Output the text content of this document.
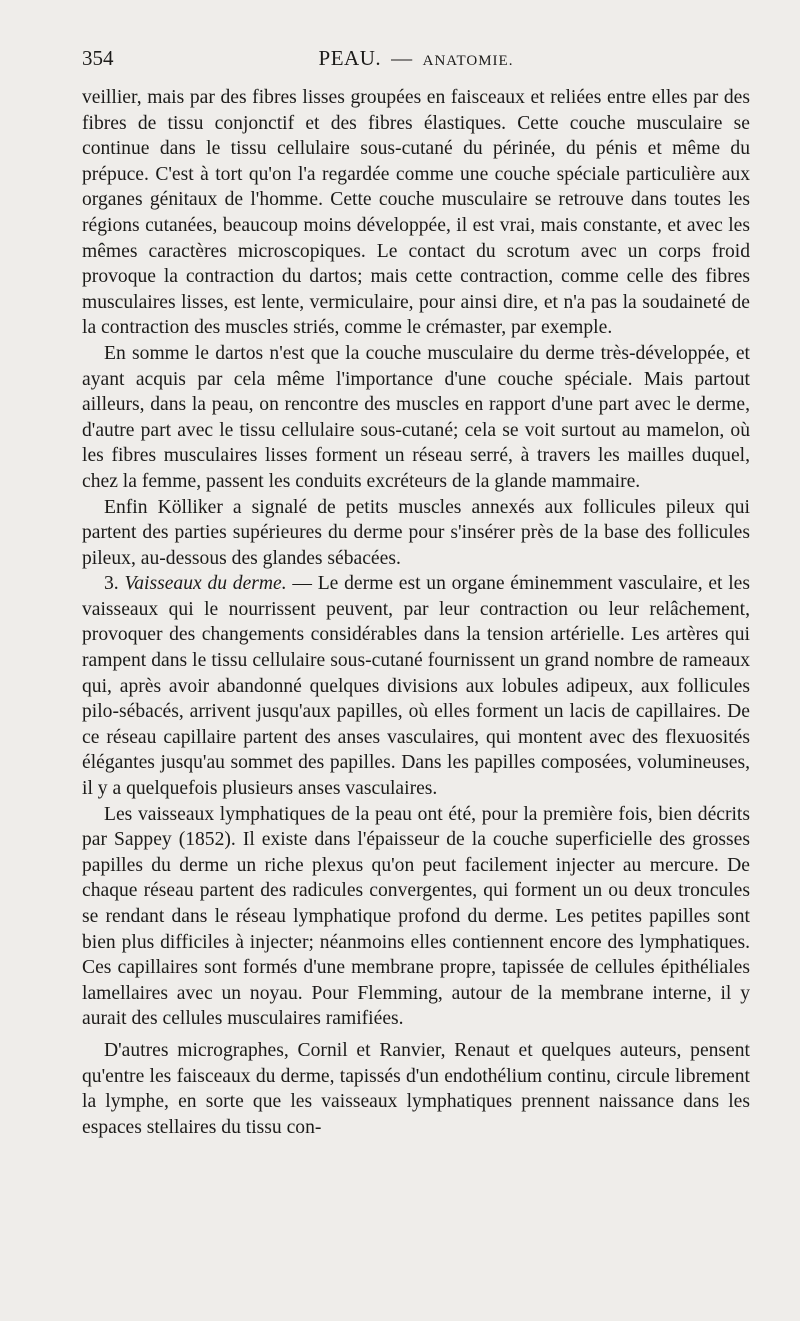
354	PEAU. — ANATOMIE.

veillier, mais par des fibres lisses groupées en faisceaux et reliées entre elles par des fibres de tissu conjonctif et des fibres élastiques. Cette couche musculaire se continue dans le tissu cellulaire sous-cutané du périnée, du pénis et même du prépuce. C'est à tort qu'on l'a regardée comme une couche spéciale particulière aux organes génitaux de l'homme. Cette couche musculaire se retrouve dans toutes les régions cutanées, beaucoup moins développée, il est vrai, mais constante, et avec les mêmes caractères microscopiques. Le contact du scrotum avec un corps froid provoque la contraction du dartos; mais cette contraction, comme celle des fibres musculaires lisses, est lente, vermiculaire, pour ainsi dire, et n'a pas la soudaineté de la contraction des muscles striés, comme le crémaster, par exemple.

En somme le dartos n'est que la couche musculaire du derme très-développée, et ayant acquis par cela même l'importance d'une couche spéciale. Mais partout ailleurs, dans la peau, on rencontre des muscles en rapport d'une part avec le derme, d'autre part avec le tissu cellulaire sous-cutané; cela se voit surtout au mamelon, où les fibres musculaires lisses forment un réseau serré, à travers les mailles duquel, chez la femme, passent les conduits excréteurs de la glande mammaire.

Enfin Kölliker a signalé de petits muscles annexés aux follicules pileux qui partent des parties supérieures du derme pour s'insérer près de la base des follicules pileux, au-dessous des glandes sébacées.

3. Vaisseaux du derme. — Le derme est un organe éminemment vasculaire, et les vaisseaux qui le nourrissent peuvent, par leur contraction ou leur relâchement, provoquer des changements considérables dans la tension artérielle. Les artères qui rampent dans le tissu cellulaire sous-cutané fournissent un grand nombre de rameaux qui, après avoir abandonné quelques divisions aux lobules adipeux, aux follicules pilo-sébacés, arrivent jusqu'aux papilles, où elles forment un lacis de capillaires. De ce réseau capillaire partent des anses vasculaires, qui montent avec des flexuosités élégantes jusqu'au sommet des papilles. Dans les papilles composées, volumineuses, il y a quelquefois plusieurs anses vasculaires.

Les vaisseaux lymphatiques de la peau ont été, pour la première fois, bien décrits par Sappey (1852). Il existe dans l'épaisseur de la couche superficielle des grosses papilles du derme un riche plexus qu'on peut facilement injecter au mercure. De chaque réseau partent des radicules convergentes, qui forment un ou deux troncules se rendant dans le réseau lymphatique profond du derme. Les petites papilles sont bien plus difficiles à injecter; néanmoins elles contiennent encore des lymphatiques. Ces capillaires sont formés d'une membrane propre, tapissée de cellules épithéliales lamellaires avec un noyau. Pour Flemming, autour de la membrane interne, il y aurait des cellules musculaires ramifiées.

D'autres micrographes, Cornil et Ranvier, Renaut et quelques auteurs, pensent qu'entre les faisceaux du derme, tapissés d'un endothélium continu, circule librement la lymphe, en sorte que les vaisseaux lymphatiques prennent naissance dans les espaces stellaires du tissu con-
